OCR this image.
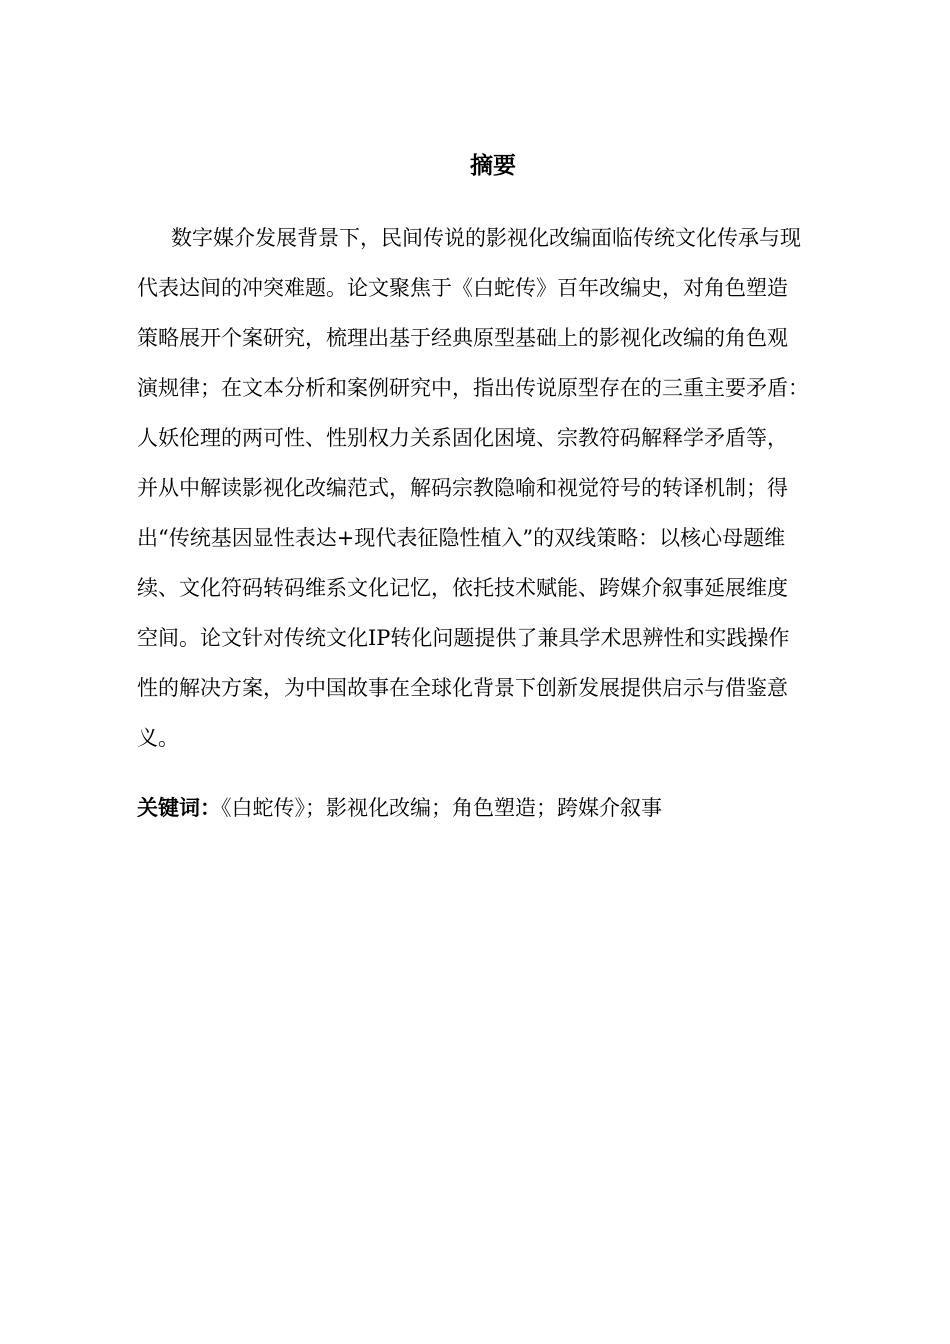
摘要
数字媒介发展背景下，民间传说的影视化改编面临传统文化传承与现
代表达间的冲突难题。论文聚焦于《白蛇传》百年改编史，对角色塑造
策略展开个案研究，梳理出基于经典原型基础上的影视化改编的角色观
演规律；在文本分析和案例研究中，指出传说原型存在的三重主要矛盾：
人妖伦理的两可性、性别权力关系固化困境、宗教符码解释学矛盾等，
并从中解读影视化改编范式，解码宗教隐喻和视觉符号的转译机制；得
出“传统基因显性表达+现代表征隐性植入”的双线策略：以核心母题维
续、文化符码转码维系文化记忆，依托技术赋能、跨媒介叙事延展维度
空间。论文针对传统文化IP转化问题提供了兼具学术思辨性和实践操作
性的解决方案，为中国故事在全球化背景下创新发展提供启示与借鉴意
义。

关键词：《白蛇传》；影视化改编；角色塑造；跨媒介叙事
